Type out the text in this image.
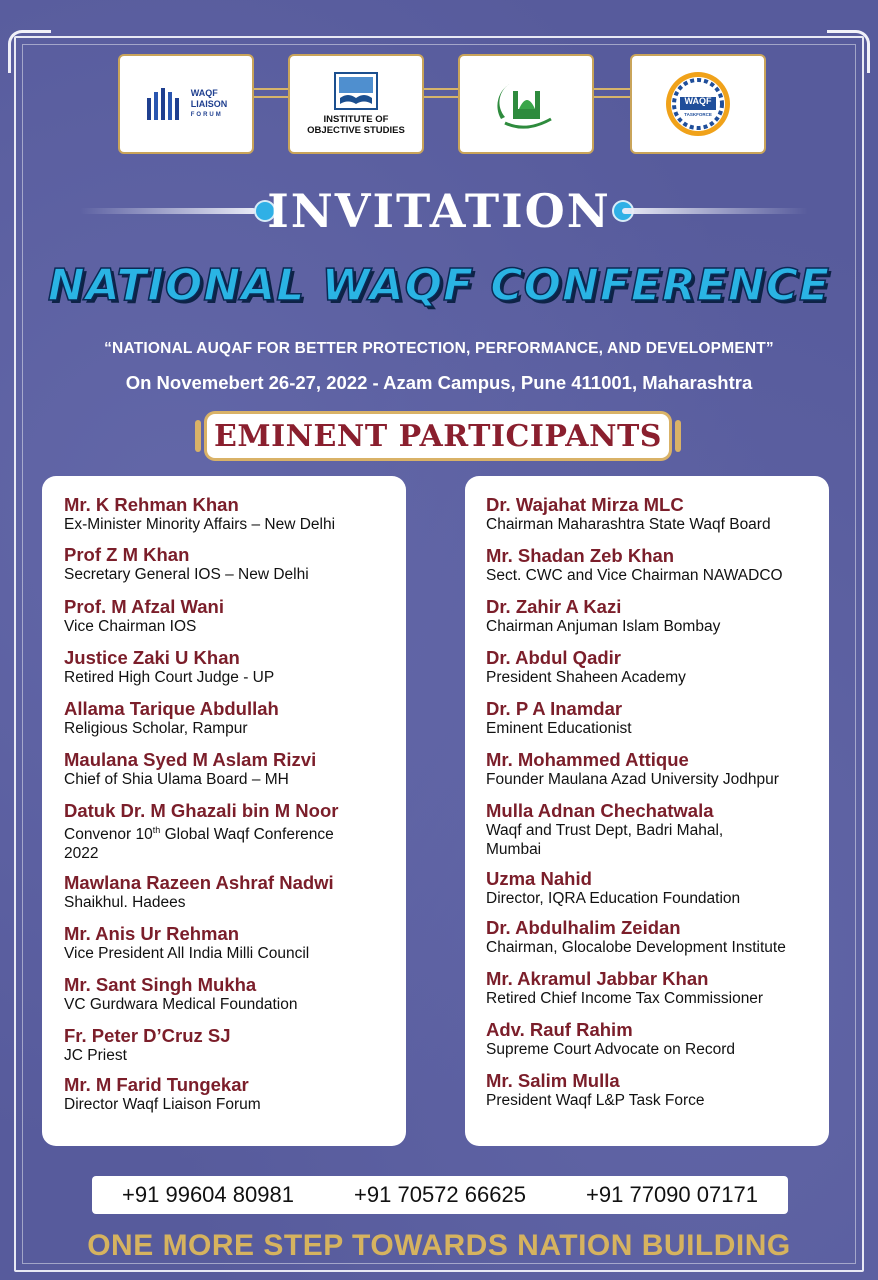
WAQF
LIAISON
FORUM	INSTITUTE OF
OBJECTIVE STUDIES
WAQF
TASKFORCE
INVITATION
NATIONAL WAQF CONFERENCE
“NATIONAL AUQAF FOR BETTER PROTECTION, PERFORMANCE, AND DEVELOPMENT”
On Novemebert 26-27, 2022 - Azam Campus, Pune 411001, Maharashtra
EMINENT PARTICIPANTS
Mr. K Rehman Khan
Ex-Minister Minority Affairs – New Delhi
Prof Z M Khan
Secretary General IOS – New Delhi
Prof. M Afzal Wani
Vice Chairman IOS
Justice Zaki U Khan
Retired High Court Judge - UP
Allama Tarique Abdullah
Religious Scholar, Rampur
Maulana Syed M Aslam Rizvi
Chief of Shia Ulama Board – MH
Datuk Dr. M Ghazali bin M Noor
Convenor 10th Global Waqf Conference
2022
Mawlana Razeen Ashraf Nadwi
Shaikhul. Hadees
Mr. Anis Ur Rehman
Vice President All India Milli Council
Mr. Sant Singh Mukha
VC Gurdwara Medical Foundation
Fr. Peter D’Cruz SJ
JC Priest
Mr. M Farid Tungekar
Director Waqf Liaison Forum
Dr. Wajahat Mirza MLC
Chairman Maharashtra State Waqf Board
Mr. Shadan Zeb Khan
Sect. CWC and Vice Chairman NAWADCO
Dr. Zahir A Kazi
Chairman Anjuman Islam Bombay
Dr. Abdul Qadir
President Shaheen Academy
Dr. P A Inamdar
Eminent Educationist
Mr. Mohammed Attique
Founder Maulana Azad University Jodhpur
Mulla Adnan Chechatwala
Waqf and Trust Dept, Badri Mahal,
Mumbai
Uzma Nahid
Director, IQRA Education Foundation
Dr. Abdulhalim Zeidan
Chairman, Glocalobe Development Institute
Mr. Akramul Jabbar Khan
Retired Chief Income Tax Commissioner
Adv. Rauf Rahim
Supreme Court Advocate on Record
Mr. Salim Mulla
President Waqf L&P Task Force
+91 99604 80981	+91 70572 66625	+91 77090 07171
ONE MORE STEP TOWARDS NATION BUILDING
